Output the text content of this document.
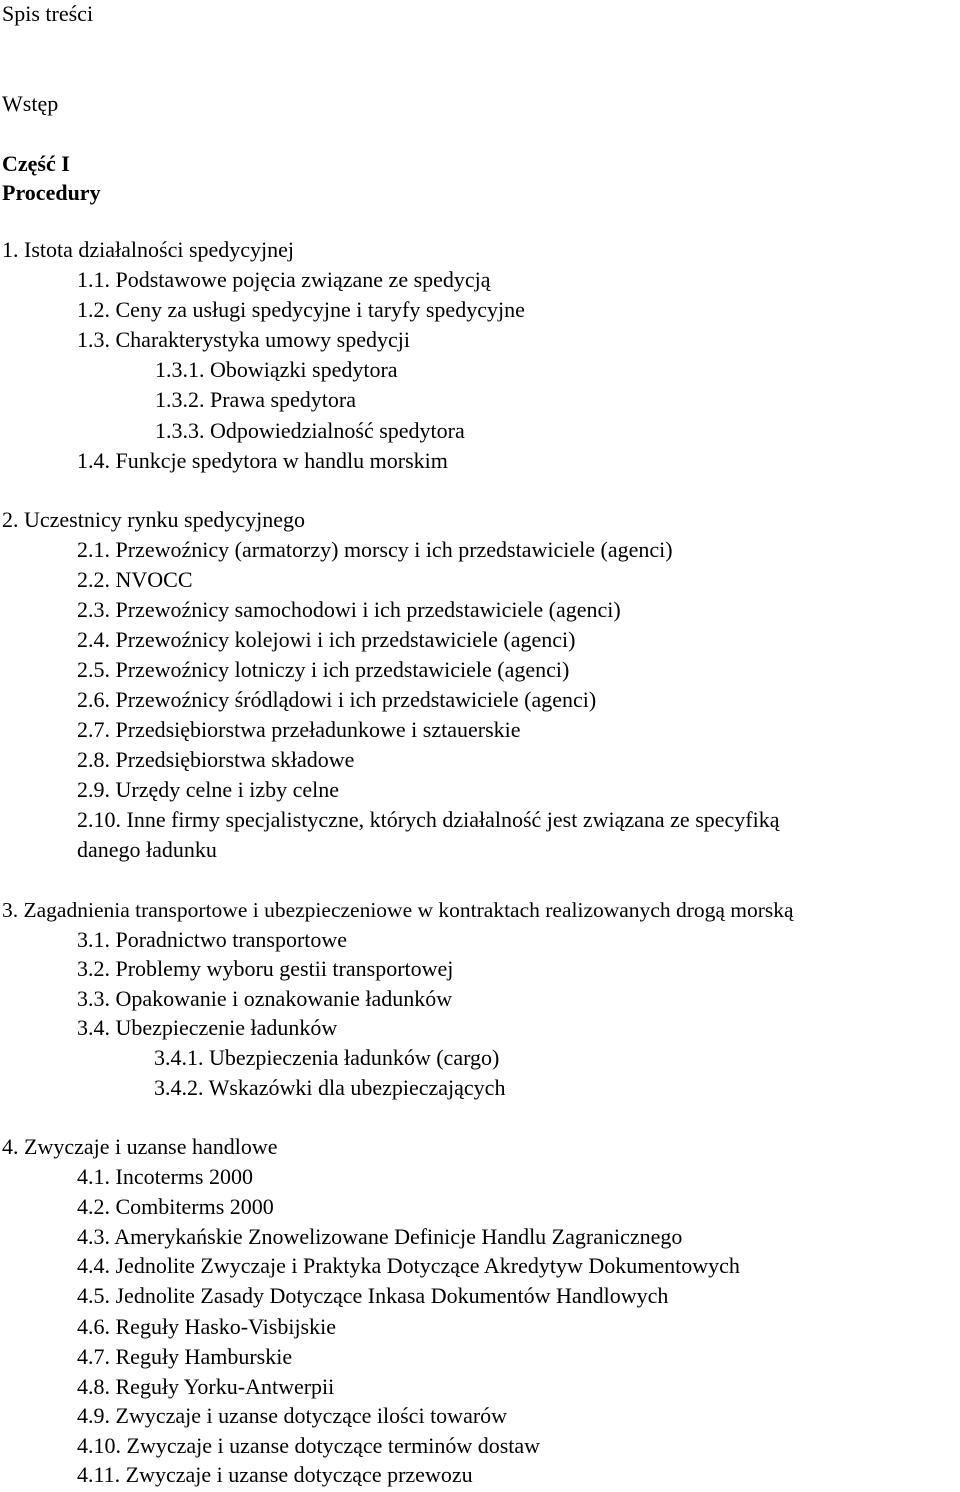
Spis treści
Wstęp
Część I
Procedury
1. Istota działalności spedycyjnej
1.1. Podstawowe pojęcia związane ze spedycją
1.2. Ceny za usługi spedycyjne i taryfy spedycyjne
1.3. Charakterystyka umowy spedycji
1.3.1. Obowiązki spedytora
1.3.2. Prawa spedytora
1.3.3. Odpowiedzialność spedytora
1.4. Funkcje spedytora w handlu morskim
2. Uczestnicy rynku spedycyjnego
2.1. Przewoźnicy (armatorzy) morscy i ich przedstawiciele (agenci)
2.2. NVOCC
2.3. Przewoźnicy samochodowi i ich przedstawiciele (agenci)
2.4. Przewoźnicy kolejowi i ich przedstawiciele (agenci)
2.5. Przewoźnicy lotniczy i ich przedstawiciele (agenci)
2.6. Przewoźnicy śródlądowi i ich przedstawiciele (agenci)
2.7. Przedsiębiorstwa przeładunkowe i sztauerskie
2.8. Przedsiębiorstwa składowe
2.9. Urzędy celne i izby celne
2.10. Inne firmy specjalistyczne, których działalność jest związana ze specyfiką
danego ładunku
3. Zagadnienia transportowe i ubezpieczeniowe w kontraktach realizowanych drogą morską
3.1. Poradnictwo transportowe
3.2. Problemy wyboru gestii transportowej
3.3. Opakowanie i oznakowanie ładunków
3.4. Ubezpieczenie ładunków
3.4.1. Ubezpieczenia ładunków (cargo)
3.4.2. Wskazówki dla ubezpieczających
4. Zwyczaje i uzanse handlowe
4.1. Incoterms 2000
4.2. Combiterms 2000
4.3. Amerykańskie Znowelizowane Definicje Handlu Zagranicznego
4.4. Jednolite Zwyczaje i Praktyka Dotyczące Akredytyw Dokumentowych
4.5. Jednolite Zasady Dotyczące Inkasa Dokumentów Handlowych
4.6. Reguły Hasko-Visbijskie
4.7. Reguły Hamburskie
4.8. Reguły Yorku-Antwerpii
4.9. Zwyczaje i uzanse dotyczące ilości towarów
4.10. Zwyczaje i uzanse dotyczące terminów dostaw
4.11. Zwyczaje i uzanse dotyczące przewozu
